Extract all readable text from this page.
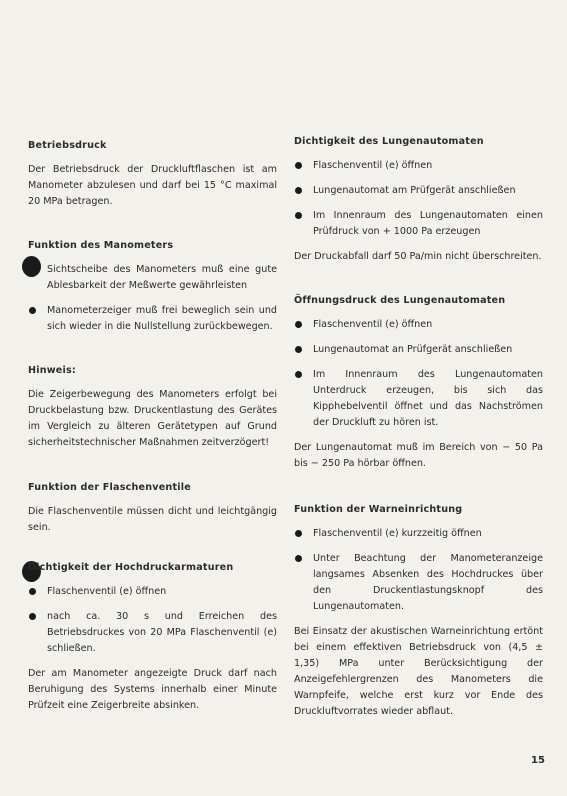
Betriebsdruck

Der Betriebsdruck der Druckluftflaschen ist am Manometer abzulesen und darf bei 15 °C maximal 20 MPa betragen.

Funktion des Manometers
Sichtscheibe des Manometers muß eine gute Ablesbarkeit der Meßwerte gewährleisten
Manometerzeiger muß frei beweglich sein und sich wieder in die Nullstellung zurückbewegen.
Hinweis:

Die Zeigerbewegung des Manometers erfolgt bei Druckbelastung bzw. Druckentlastung des Gerätes im Vergleich zu älteren Gerätetypen auf Grund sicherheitstechnischer Maßnahmen zeitverzögert!

Funktion der Flaschenventile

Die Flaschenventile müssen dicht und leichtgängig sein.

Dichtigkeit der Hochdruckarmaturen
Flaschenventil (e) öffnen
nach ca. 30 s und Erreichen des Betriebsdruckes von 20 MPa Flaschenventil (e) schließen.

Der am Manometer angezeigte Druck darf nach Beruhigung des Systems innerhalb einer Minute Prüfzeit eine Zeigerbreite absinken.

Dichtigkeit des Lungenautomaten
Flaschenventil (e) öffnen
Lungenautomat am Prüfgerät anschließen
Im Innenraum des Lungenautomaten einen Prüfdruck von + 1000 Pa erzeugen

Der Druckabfall darf 50 Pa/min nicht überschreiten.

Öffnungsdruck des Lungenautomaten
Flaschenventil (e) öffnen
Lungenautomat an Prüfgerät anschließen
Im Innenraum des Lungenautomaten Unterdruck erzeugen, bis sich das Kipphebelventil öffnet und das Nachströmen der Druckluft zu hören ist.

Der Lungenautomat muß im Bereich von − 50 Pa bis − 250 Pa hörbar öffnen.

Funktion der Warneinrichtung
Flaschenventil (e) kurzzeitig öffnen
Unter Beachtung der Manometeranzeige langsames Absenken des Hochdruckes über den Druckentlastungsknopf des Lungenautomaten.

Bei Einsatz der akustischen Warneinrichtung ertönt bei einem effektiven Betriebsdruck von (4,5 ± 1,35) MPa unter Berücksichtigung der Anzeigefehlergrenzen des Manometers die Warnpfeife, welche erst kurz vor Ende des Druckluftvorrates wieder abflaut.

15
